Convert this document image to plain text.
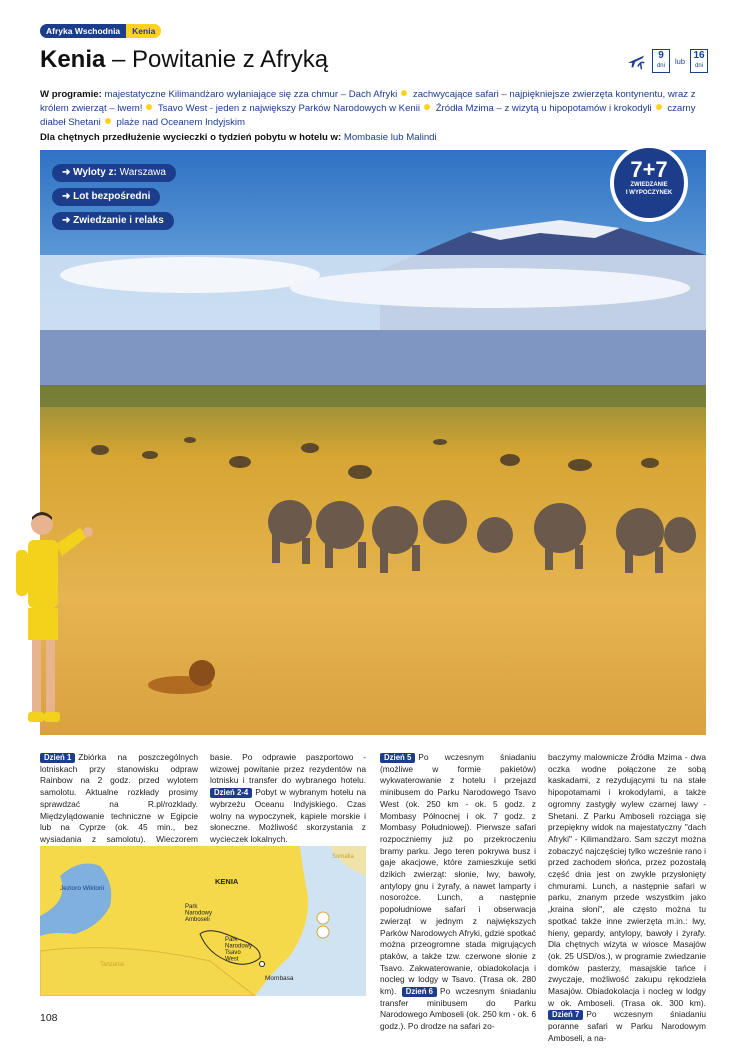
Afryka Wschodnia	Kenia
Kenia – Powitanie z Afryką	9
dni
lub 16
dni
W programie: majestatyczne Kilimandżaro wyłaniające się zza chmur – Dach Afryki zachwycające safari – najpiękniejsze zwierzęta kontynentu, wraz z królem zwierząt – lwem! Tsavo West - jeden z największy Parków Narodowych w Kenii Źródła Mzima – z wizytą u hipopotamów i krokodyli czarny diabeł Shetani plaże nad Oceanem Indyjskim
Dla chętnych przedłużenie wycieczki o tydzień pobytu w hotelu w: Mombasie lub Malindi
➜ Wyloty z: Warszawa
➜ Lot bezpośredni
➜ Zwiedzanie i relaks
7+7
ZWIEDZANIE
I WYPOCZYNEK
Dzień 1 Zbiórka na poszczególnych lotniskach przy stanowisku odpraw Rainbow na 2 godz. przed wylotem samolotu. Aktualne rozkłady prosimy sprawdzać na R.pl/rozklady. Międzylądowanie techniczne w Egipcie lub na Cyprze (ok. 45 min., bez wysiadania z samolotu). Wieczorem
basie. Po odprawie paszportowo - wizowej powitanie przez rezydentów na lotnisku i transfer do wybranego hotelu. Dzień 2-4 Pobyt w wybranym hotelu na wybrzeżu Oceanu Indyjskiego. Czas wolny na wypoczynek, kąpiele morskie i słoneczne. Możliwość skorzystania z wycieczek lokalnych.
Dzień 5 Po wczesnym śniadaniu (możliwe w formie pakietów) wykwaterowanie z hotelu i przejazd minibusem do Parku Narodowego Tsavo West (ok. 250 km - ok. 5 godz. z Mombasy Północnej i ok. 7 godz. z Mombasy Południowej). Pierwsze safari rozpoczniemy już po przekroczeniu bramy parku. Jego teren pokrywa busz i gaje akacjowe, które zamieszkuje setki dzikich zwierząt: słonie, lwy, bawoły, antylopy gnu i żyrafy, a nawet lamparty i nosorożce. Lunch, a następnie popołudniowe safari i obserwacja zwierząt w jednym z największych Parków Narodowych Afryki, gdzie spotkać można przeogromne stada migrujących ptaków, a także tzw. czerwone słonie z Tsavo. Zakwaterowanie, obiadokolacja i nocleg w lodgy w Tsavo. (Trasa ok. 280 km). Dzień 6 Po wczesnym śniadaniu transfer minibusem do Parku Narodowego Amboseli (ok. 250 km - ok. 6 godz.). Po drodze na safari zo-
baczymy malownicze Źródła Mzima - dwa oczka wodne połączone ze sobą kaskadami, z rezydującymi tu na stałe hipopotamami i krokodylami, a także ogromny zastygły wylew czarnej lawy - Shetani. Z Parku Amboseli rozciąga się przepiękny widok na majestatyczny "dach Afryki" - Kilimandżaro. Sam szczyt można zobaczyć najczęściej tylko wcześnie rano i przed zachodem słońca, przez pozostałą część dnia jest on zwykle przysłonięty chmurami. Lunch, a następnie safari w parku, znanym przede wszystkim jako „kraina słoni", ale często można tu spotkać także inne zwierzęta m.in.: lwy, hieny, gepardy, antylopy, bawoły i żyrafy. Dla chętnych wizyta w wiosce Masajów (ok. 25 USD/os.), w programie zwiedzanie domków pasterzy, masajskie tańce i zwyczaje, możliwość zakupu rękodzieła Masajów. Obiadokolacja i nocleg w lodgy w ok. Amboseli. (Trasa ok. 300 km). Dzień 7 Po wczesnym śniadaniu poranne safari w Parku Narodowym Amboseli, a na-
Jezioro Wiktorii
KENIA
Park Narodowy Amboseli
Park Narodowy Tsavo West
Mombasa
Tanzania
Somalia
108
